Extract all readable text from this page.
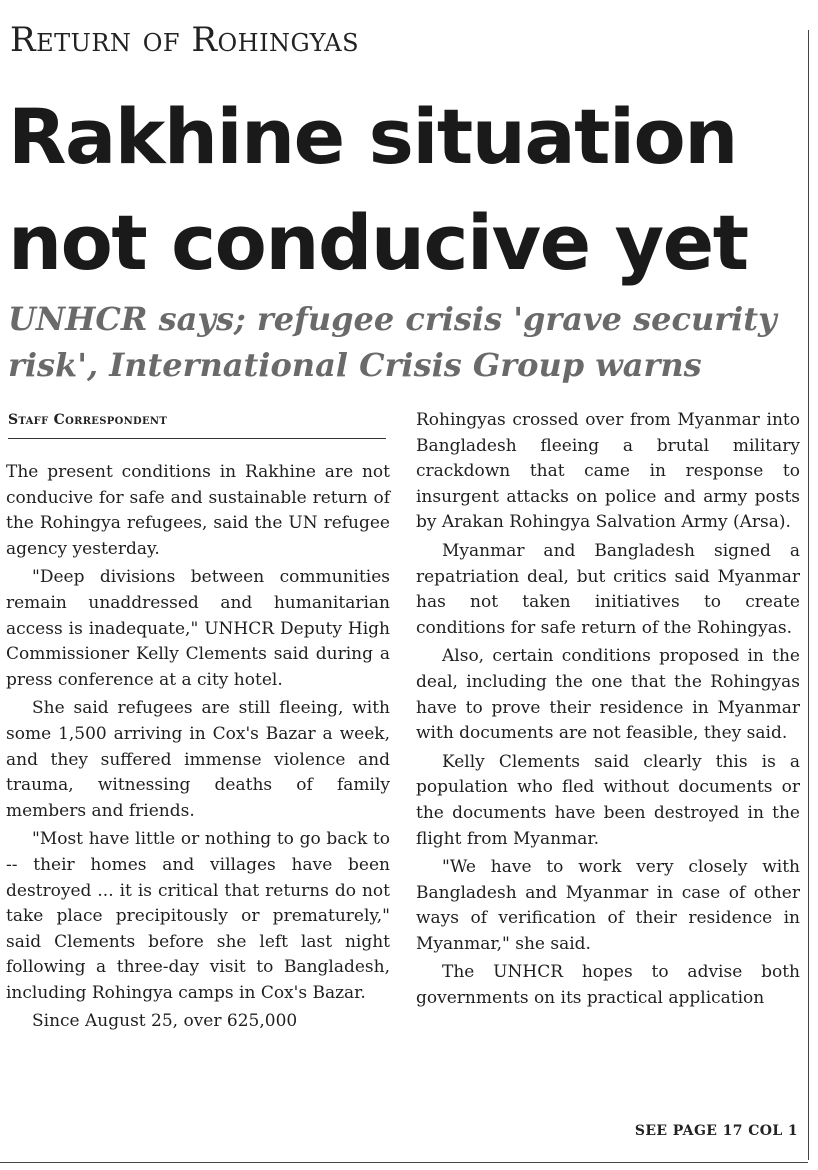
Return of Rohingyas
Rakhine situation
not conducive yet
UNHCR says; refugee crisis 'grave security
risk', International Crisis Group warns
Staff Correspondent

The present conditions in Rakhine are not conducive for safe and sustainable return of the Rohingya refugees, said the UN refugee agency yesterday.

"Deep divisions between communities remain unaddressed and humanitarian access is inadequate," UNHCR Deputy High Commissioner Kelly Clements said during a press conference at a city hotel.

She said refugees are still fleeing, with some 1,500 arriving in Cox's Bazar a week, and they suffered immense violence and trauma, witnessing deaths of family members and friends.

"Most have little or nothing to go back to -- their homes and villages have been destroyed ... it is critical that returns do not take place precipitously or prematurely," said Clements before she left last night following a three-day visit to Bangladesh, including Rohingya camps in Cox's Bazar.

Since August 25, over 625,000

Rohingyas crossed over from Myanmar into Bangladesh fleeing a brutal military crackdown that came in response to insurgent attacks on police and army posts by Arakan Rohingya Salvation Army (Arsa).

Myanmar and Bangladesh signed a repatriation deal, but critics said Myanmar has not taken initiatives to create conditions for safe return of the Rohingyas.

Also, certain conditions proposed in the deal, including the one that the Rohingyas have to prove their residence in Myanmar with documents are not feasible, they said.

Kelly Clements said clearly this is a population who fled without documents or the documents have been destroyed in the flight from Myanmar.

"We have to work very closely with Bangladesh and Myanmar in case of other ways of verification of their residence in Myanmar," she said.

The UNHCR hopes to advise both governments on its practical application

SEE PAGE 17 COL 1
